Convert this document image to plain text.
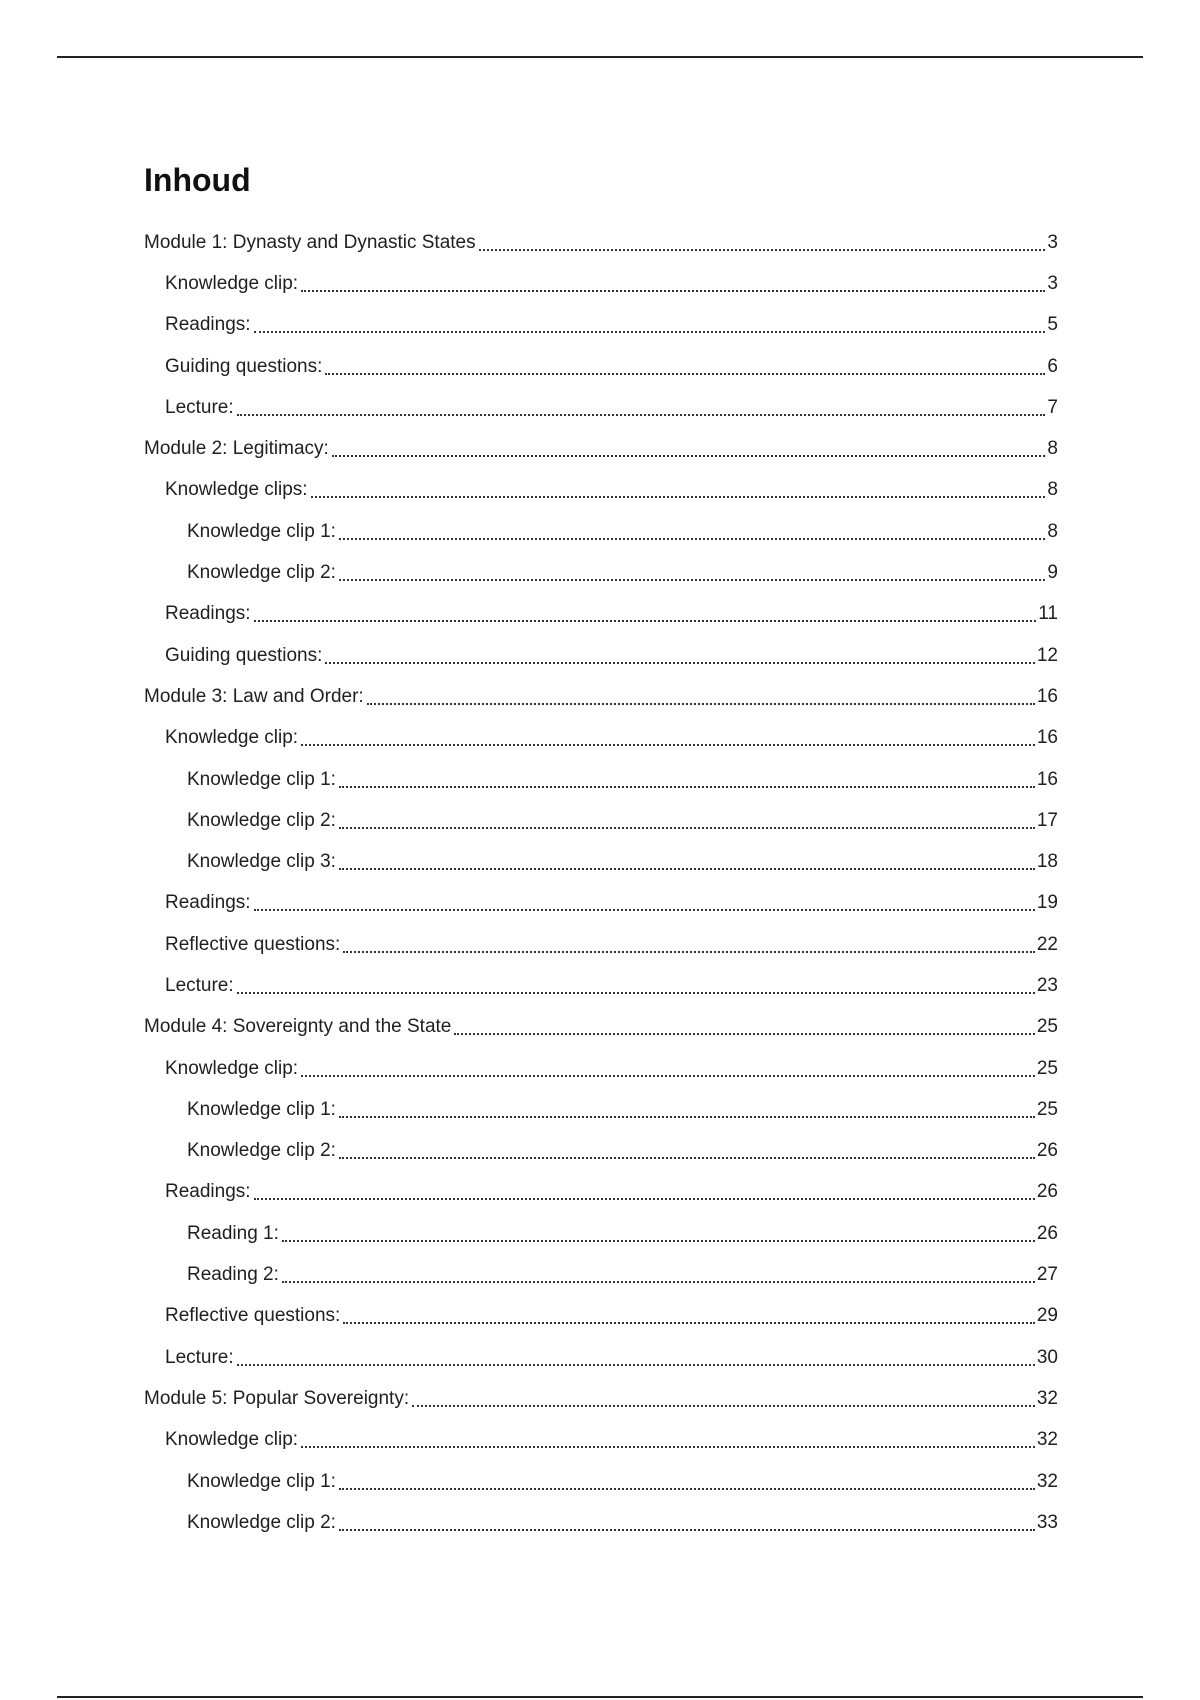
Inhoud
Module 1: Dynasty and Dynastic States	3
Knowledge clip:	3
Readings:	5
Guiding questions:	6
Lecture:	7
Module 2: Legitimacy:	8
Knowledge clips:	8
Knowledge clip 1:	8
Knowledge clip 2:	9
Readings:	11
Guiding questions:	12
Module 3: Law and Order:	16
Knowledge clip:	16
Knowledge clip 1:	16
Knowledge clip 2:	17
Knowledge clip 3:	18
Readings:	19
Reflective questions:	22
Lecture:	23
Module 4: Sovereignty and the State	25
Knowledge clip:	25
Knowledge clip 1:	25
Knowledge clip 2:	26
Readings:	26
Reading 1:	26
Reading 2:	27
Reflective questions:	29
Lecture:	30
Module 5: Popular Sovereignty:	32
Knowledge clip:	32
Knowledge clip 1:	32
Knowledge clip 2:	33
